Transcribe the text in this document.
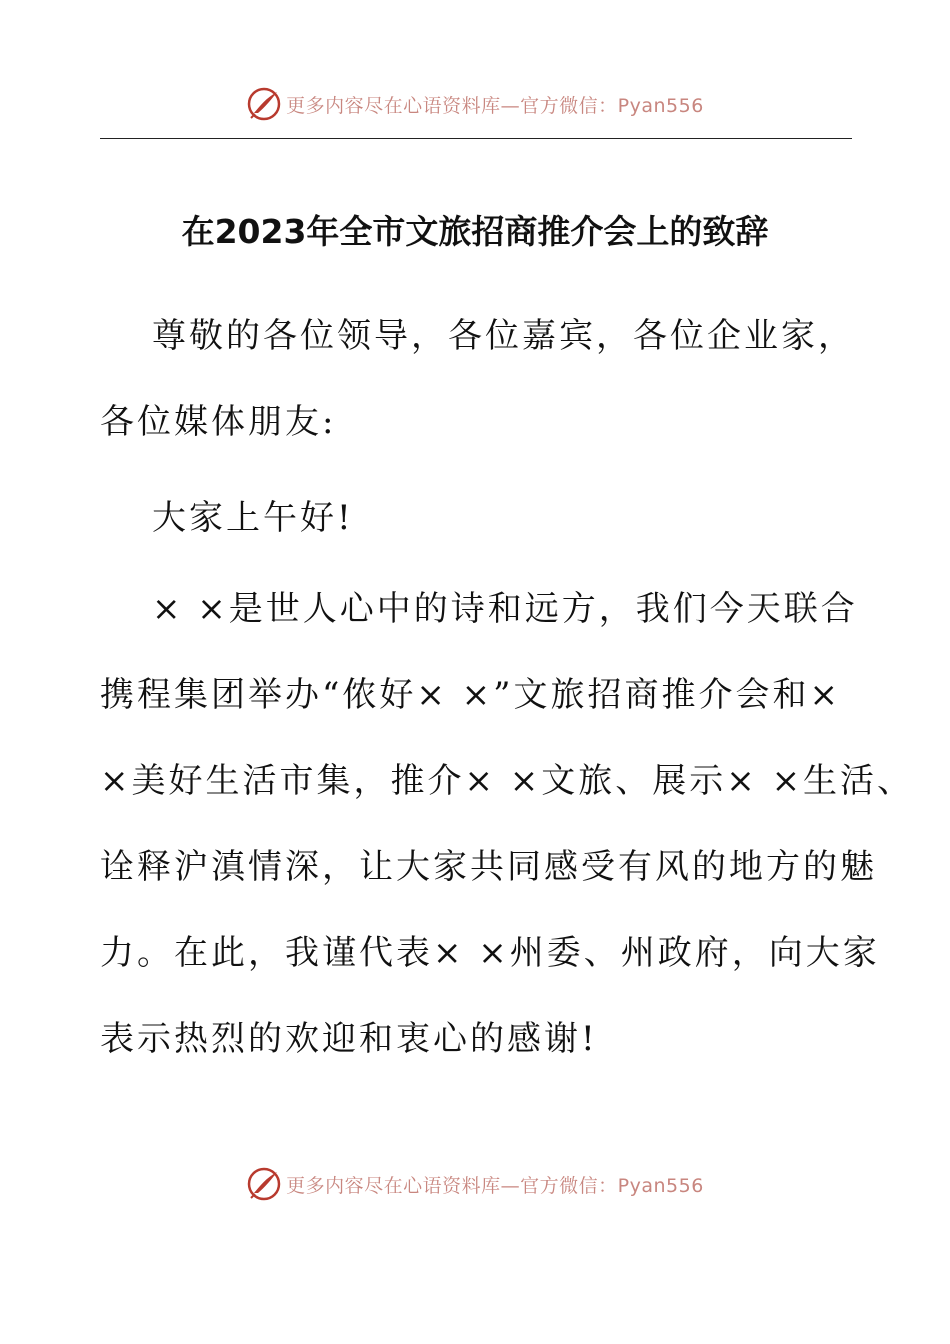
更多内容尽在心语资料库—官方微信：Pyan556
在2023年全市文旅招商推介会上的致辞

尊敬的各位领导，各位嘉宾，各位企业家，
各位媒体朋友:

大家上午好!

× ×是世人心中的诗和远方，我们今天联合
携程集团举办“侬好× ×”文旅招商推介会和×
×美好生活市集，推介× ×文旅、展示× ×生活、
诠释沪滇情深，让大家共同感受有风的地方的魅
力。在此，我谨代表× ×州委、州政府，向大家
表示热烈的欢迎和衷心的感谢!

更多内容尽在心语资料库—官方微信：Pyan556
